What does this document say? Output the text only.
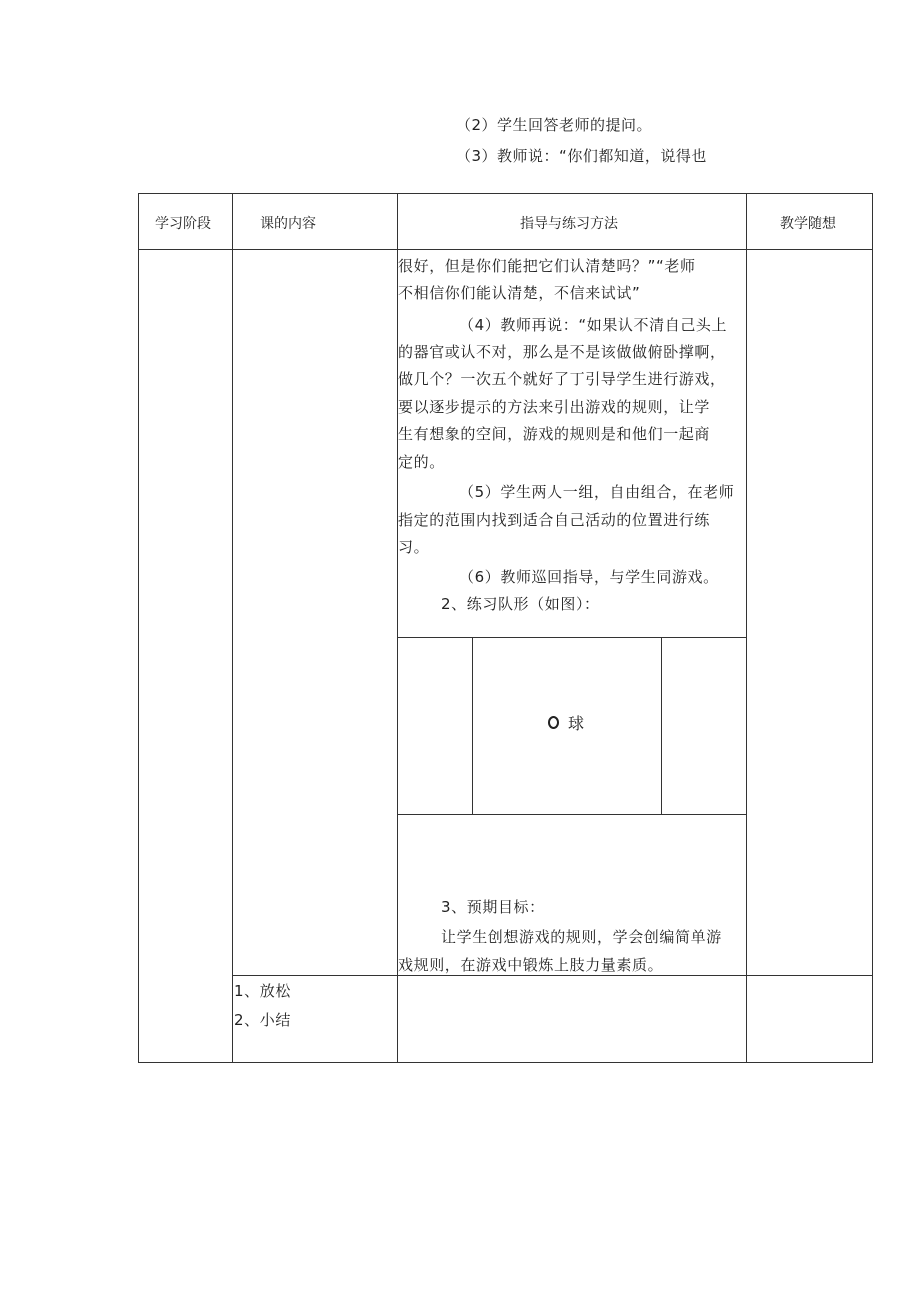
（2）学生回答老师的提问。
（3）教师说：“你们都知道，说得也
学习阶段	课的内容	指导与练习方法	教学随想
很好，但是你们能把它们认清楚吗？”“老师
不相信你们能认清楚，不信来试试”
（4）教师再说：“如果认不清自己头上
的器官或认不对，那么是不是该做做俯卧撑啊，
做几个？一次五个就好了丁引导学生进行游戏，
要以逐步提示的方法来引出游戏的规则，让学
生有想象的空间，游戏的规则是和他们一起商
定的。
（5）学生两人一组，自由组合，在老师
指定的范围内找到适合自己活动的位置进行练
习。
（6）教师巡回指导，与学生同游戏。
2、练习队形（如图）：
球
3、预期目标：
让学生创想游戏的规则，学会创编简单游
戏规则，在游戏中锻炼上肢力量素质。
1、放松
2、小结
